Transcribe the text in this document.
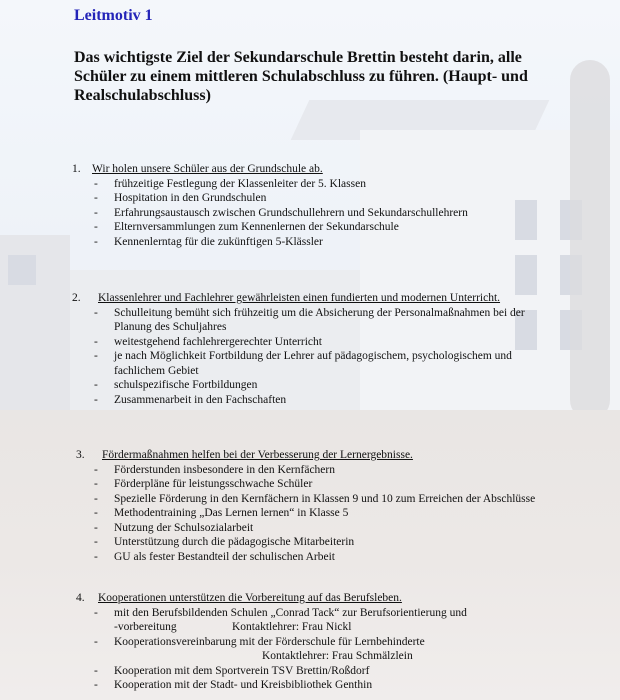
Leitmotiv 1
Das wichtigste Ziel der Sekundarschule Brettin besteht darin, alle Schüler zu einem mittleren Schulabschluss zu führen. (Haupt- und Realschulabschluss)
1. Wir holen unsere Schüler aus der Grundschule ab.
- frühzeitige Festlegung der Klassenleiter der 5. Klassen
- Hospitation in den Grundschulen
- Erfahrungsaustausch zwischen Grundschullehrern und Sekundarschullehrern
- Elternversammlungen zum Kennenlernen der Sekundarschule
- Kennenlerntag für die zukünftigen 5-Klässler
2.	Klassenlehrer und Fachlehrer gewährleisten einen fundierten und modernen Unterricht.
- Schulleitung bemüht sich frühzeitig um die Absicherung der Personalmaßnahmen bei der Planung des Schuljahres
- weitestgehend fachlehrergerechter Unterricht
- je nach Möglichkeit Fortbildung der Lehrer auf pädagogischem, psychologischem und fachlichem Gebiet
- schulspezifische Fortbildungen
- Zusammenarbeit in den Fachschaften
3.	Fördermaßnahmen helfen bei der Verbesserung der Lernergebnisse.
- Förderstunden insbesondere in den Kernfächern
- Förderpläne für leistungsschwache Schüler
- Spezielle Förderung in den Kernfächern in Klassen 9 und 10 zum Erreichen der Abschlüsse
- Methodentraining „Das Lernen lernen“ in Klasse 5
- Nutzung der Schulsozialarbeit
- Unterstützung durch die pädagogische Mitarbeiterin
- GU als fester Bestandteil der schulischen Arbeit
4.	Kooperationen unterstützen die Vorbereitung auf das Berufsleben.
- mit den Berufsbildenden Schulen „Conrad Tack“ zur Berufsorientierung und
-vorbereitung	Kontaktlehrer: Frau Nickl
- Kooperationsvereinbarung mit der Förderschule für Lernbehinderte
Kontaktlehrer: Frau Schmälzlein
- Kooperation mit dem Sportverein TSV Brettin/Roßdorf
- Kooperation mit der Stadt- und Kreisbibliothek Genthin
